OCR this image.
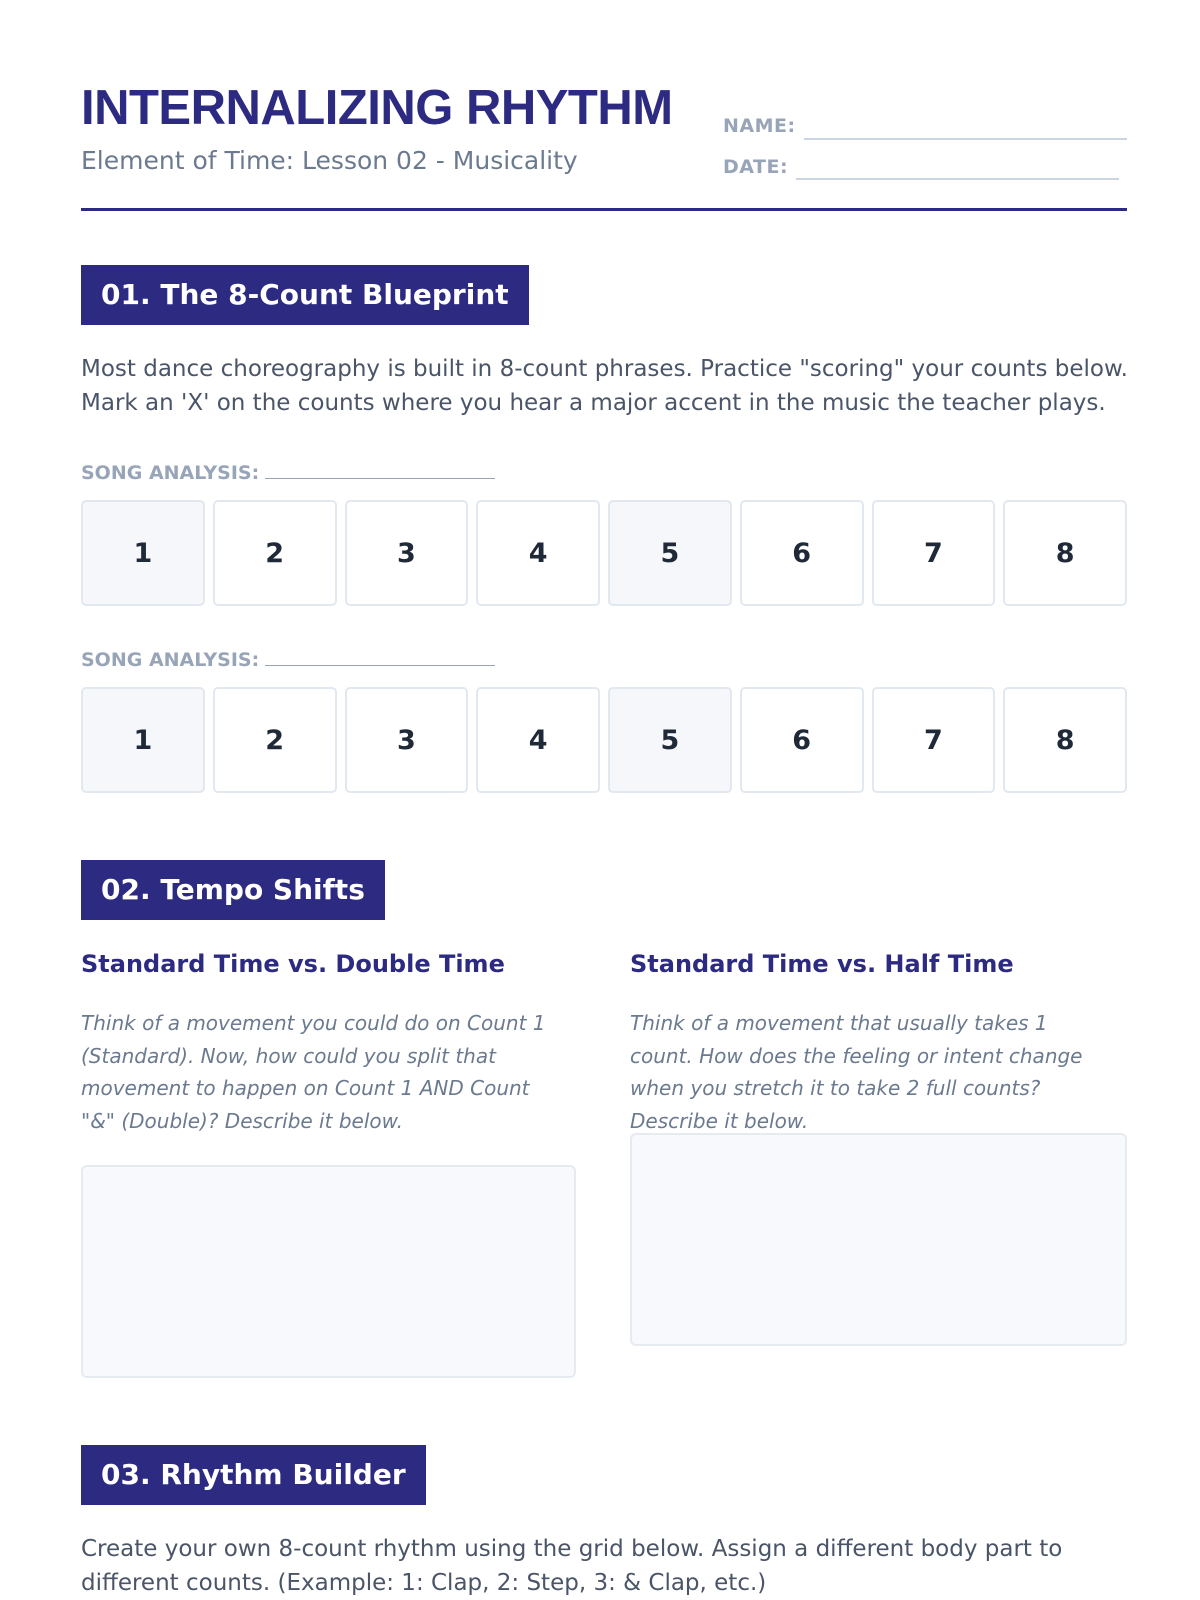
INTERNALIZING RHYTHM
Element of Time: Lesson 02 - Musicality
NAME:
DATE:
01. The 8-Count Blueprint
Most dance choreography is built in 8-count phrases. Practice "scoring" your counts below. Mark an 'X' on the counts where you hear a major accent in the music the teacher plays.
SONG ANALYSIS:
1	2	3	4	5	6	7	8
SONG ANALYSIS:
1	2	3	4	5	6	7	8
02. Tempo Shifts
Standard Time vs. Double Time
Think of a movement you could do on Count 1 (Standard). Now, how could you split that movement to happen on Count 1 AND Count "&" (Double)? Describe it below.
Standard Time vs. Half Time
Think of a movement that usually takes 1 count. How does the feeling or intent change when you stretch it to take 2 full counts? Describe it below.
03. Rhythm Builder
Create your own 8-count rhythm using the grid below. Assign a different body part to different counts. (Example: 1: Clap, 2: Step, 3: & Clap, etc.)
